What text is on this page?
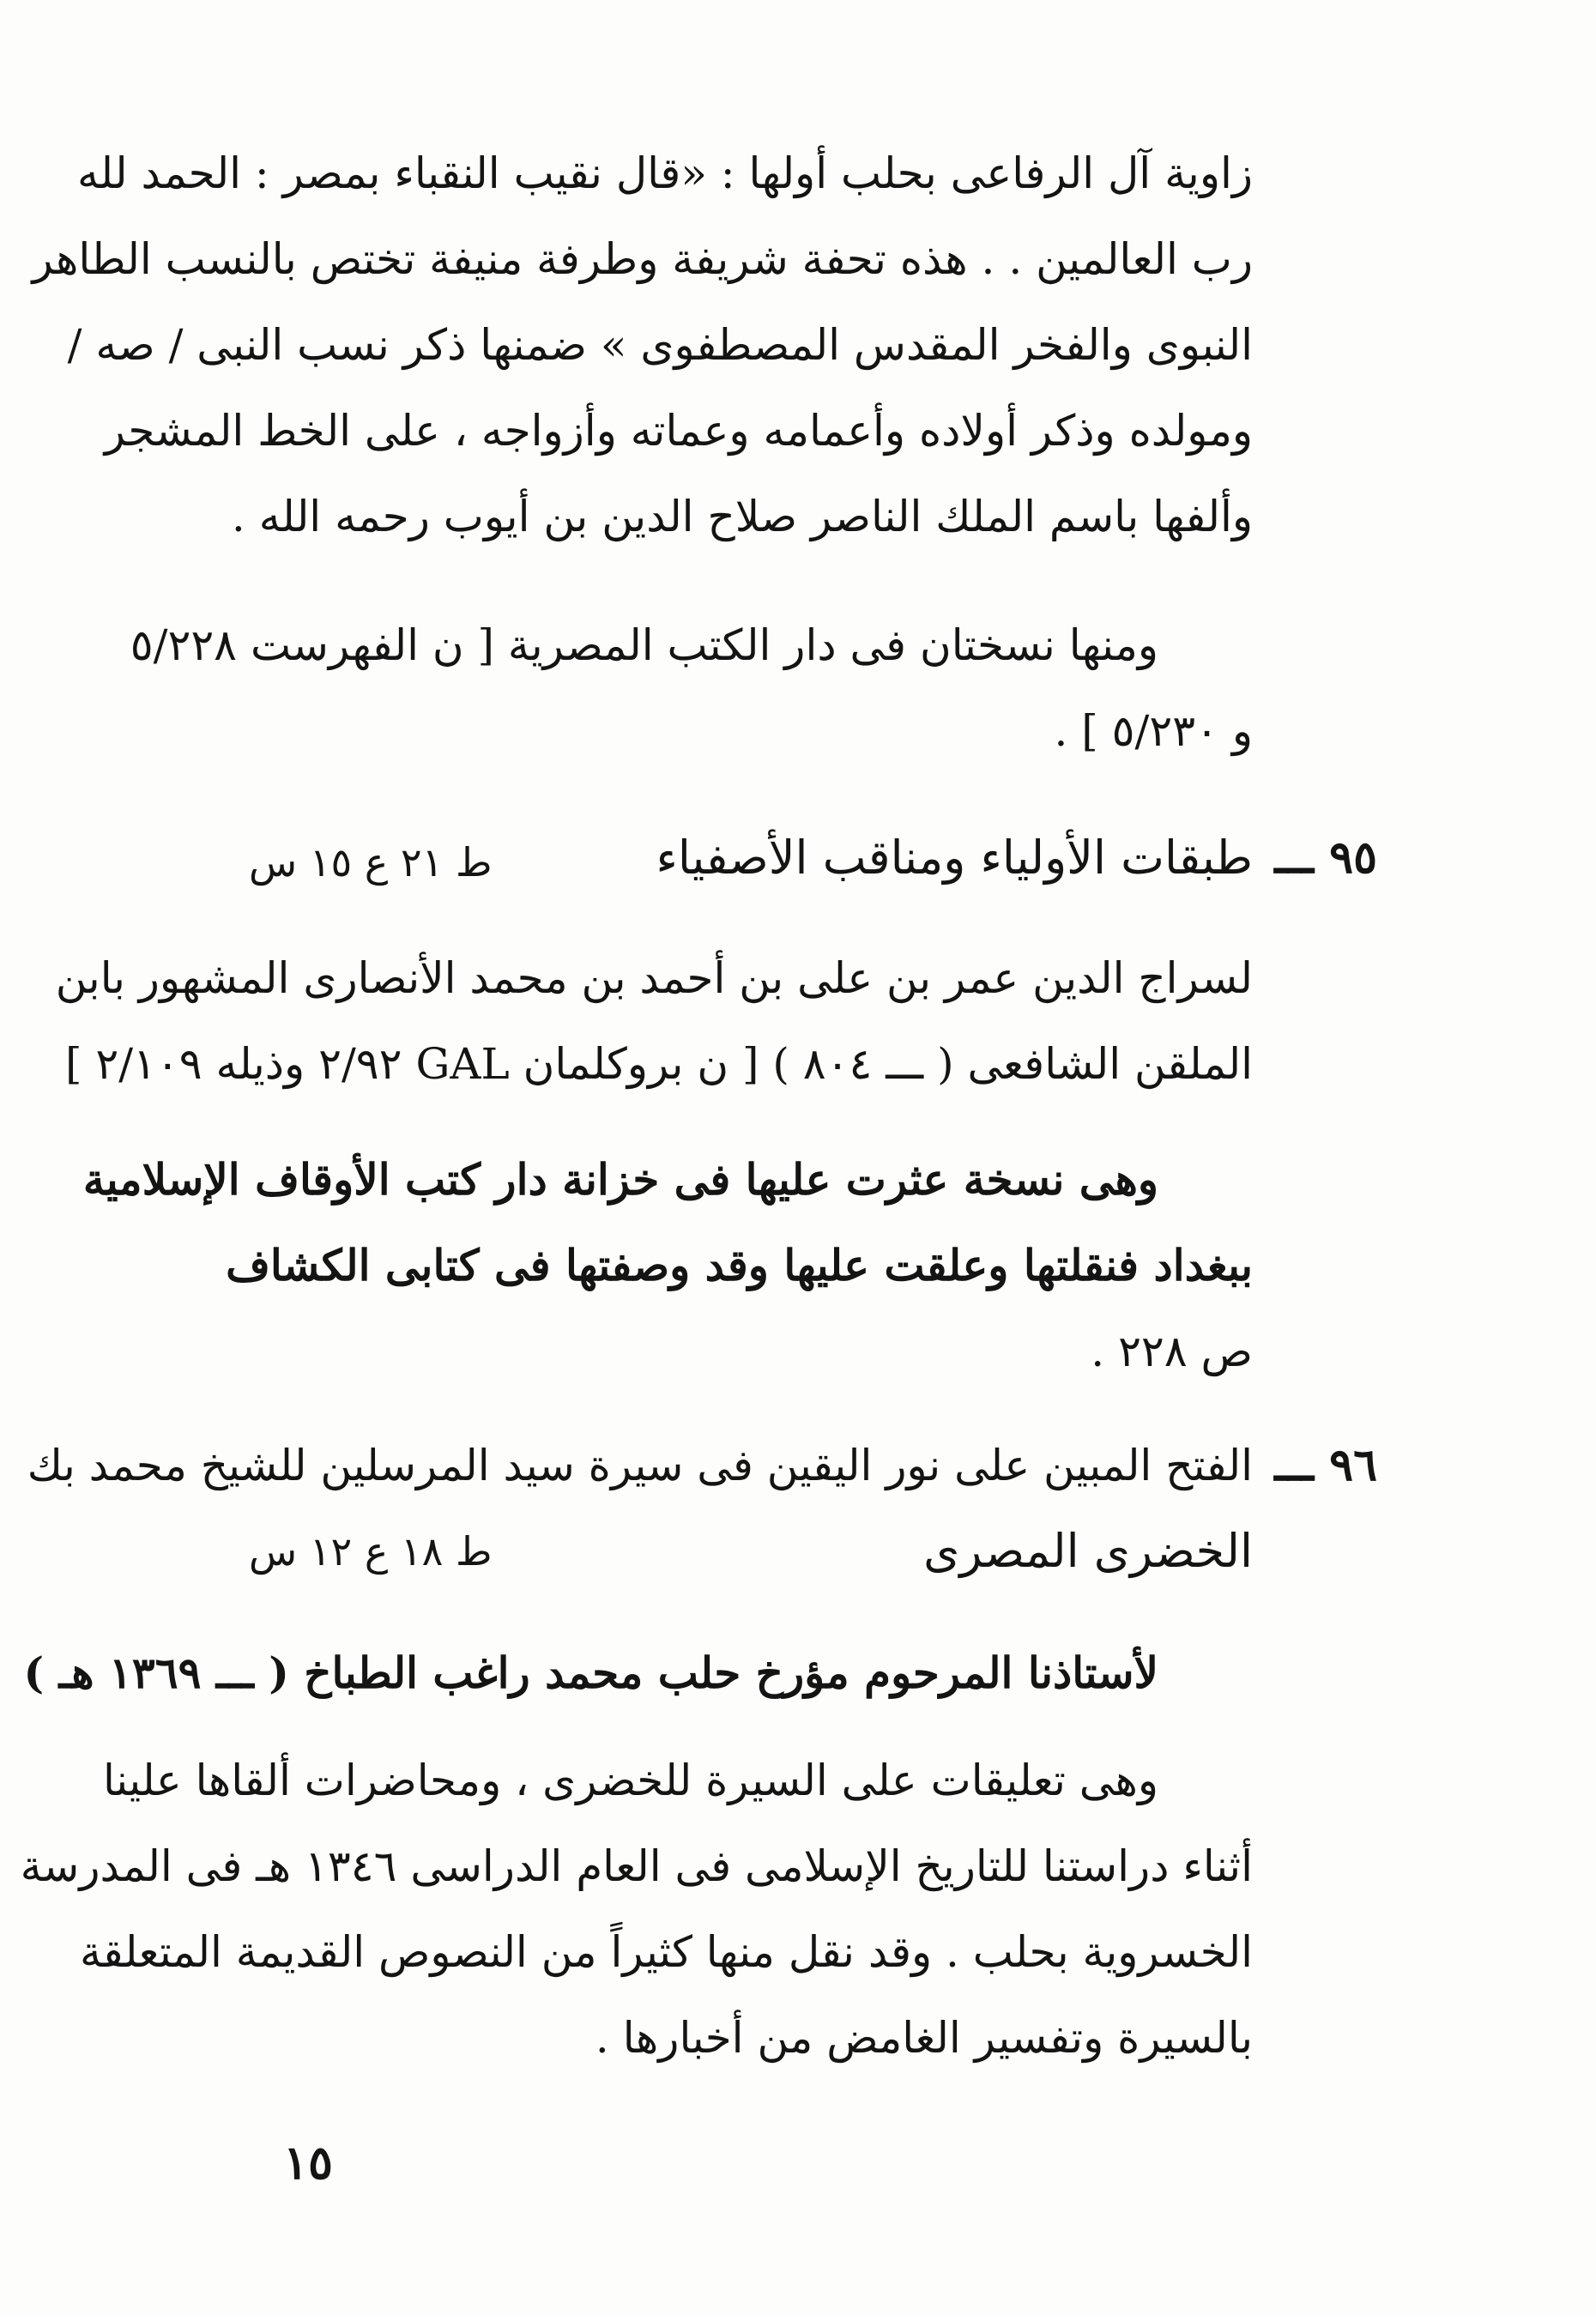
زاوية آل الرفاعى بحلب أولها : «قال نقيب النقباء بمصر : الحمد لله
رب العالمين . . هذه تحفة شريفة وطرفة منيفة تختص بالنسب الطاهر
النبوى والفخر المقدس المصطفوى » ضمنها ذكر نسب النبى / صه /
ومولده وذكر أولاده وأعمامه وعماته وأزواجه ، على الخط المشجر
وألفها باسم الملك الناصر صلاح الدين بن أيوب رحمه الله .
ومنها نسختان فى دار الكتب المصرية [ ن الفهرست ٥/٢٢٨
و ٥/٢٣٠ ] .
٩٥ ـــ
طبقات الأولياء ومناقب الأصفياء
ط ٢١ ع ١٥ س
لسراج الدين عمر بن على بن أحمد بن محمد الأنصارى المشهور بابن
الملقن الشافعى ( ـــ ٨٠٤ ) [ ن بروكلمان GAL ٢/٩٢ وذيله ٢/١٠٩ ]
وهى نسخة عثرت عليها فى خزانة دار كتب الأوقاف الإسلامية
ببغداد فنقلتها وعلقت عليها وقد وصفتها فى كتابى الكشاف
ص ٢٢٨ .
٩٦ ـــ
الفتح المبين على نور اليقين فى سيرة سيد المرسلين للشيخ محمد بك
الخضرى المصرى
ط ١٨ ع ١٢ س
لأستاذنا المرحوم مؤرخ حلب محمد راغب الطباخ ( ـــ ١٣٦٩ هـ )
وهى تعليقات على السيرة للخضرى ، ومحاضرات ألقاها علينا
أثناء دراستنا للتاريخ الإسلامى فى العام الدراسى ١٣٤٦ هـ فى المدرسة
الخسروية بحلب . وقد نقل منها كثيراً من النصوص القديمة المتعلقة
بالسيرة وتفسير الغامض من أخبارها .
١٥
